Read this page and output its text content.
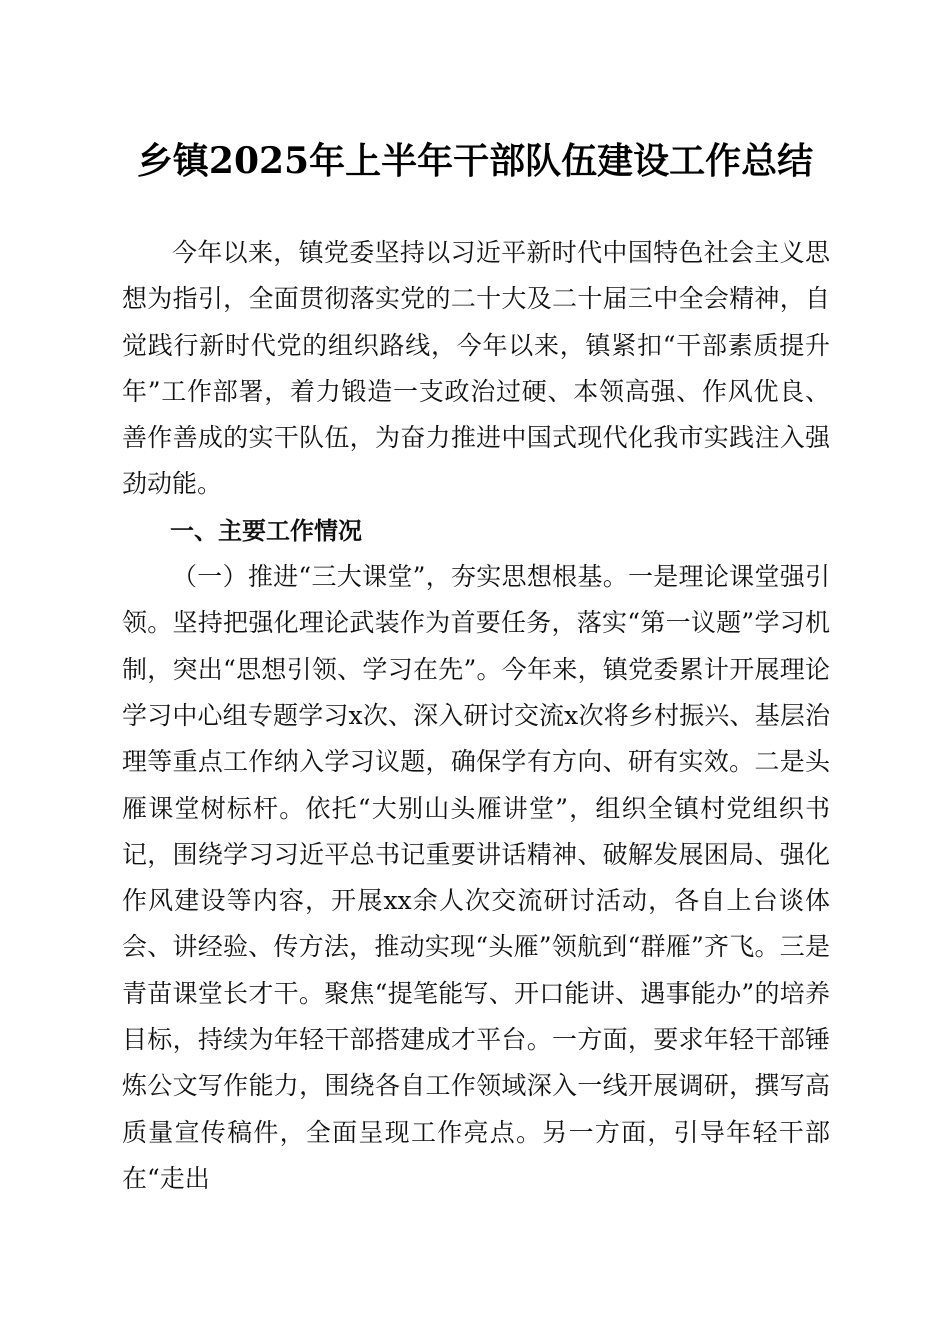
乡镇2025年上半年干部队伍建设工作总结

今年以来，镇党委坚持以习近平新时代中国特色社会主义思想为指引，全面贯彻落实党的二十大及二十届三中全会精神，自觉践行新时代党的组织路线，今年以来，镇紧扣“干部素质提升年”工作部署，着力锻造一支政治过硬、本领高强、作风优良、善作善成的实干队伍，为奋力推进中国式现代化我市实践注入强劲动能。

一、主要工作情况

（一）推进“三大课堂”，夯实思想根基。一是理论课堂强引领。坚持把强化理论武装作为首要任务，落实“第一议题”学习机制，突出“思想引领、学习在先”。今年来，镇党委累计开展理论学习中心组专题学习x次、深入研讨交流x次将乡村振兴、基层治理等重点工作纳入学习议题，确保学有方向、研有实效。二是头雁课堂树标杆。依托“大别山头雁讲堂”，组织全镇村党组织书记，围绕学习习近平总书记重要讲话精神、破解发展困局、强化作风建设等内容，开展xx余人次交流研讨活动，各自上台谈体会、讲经验、传方法，推动实现“头雁”领航到“群雁”齐飞。三是青苗课堂长才干。聚焦“提笔能写、开口能讲、遇事能办”的培养目标，持续为年轻干部搭建成才平台。一方面，要求年轻干部锤炼公文写作能力，围绕各自工作领域深入一线开展调研，撰写高质量宣传稿件，全面呈现工作亮点。另一方面，引导年轻干部在“走出
